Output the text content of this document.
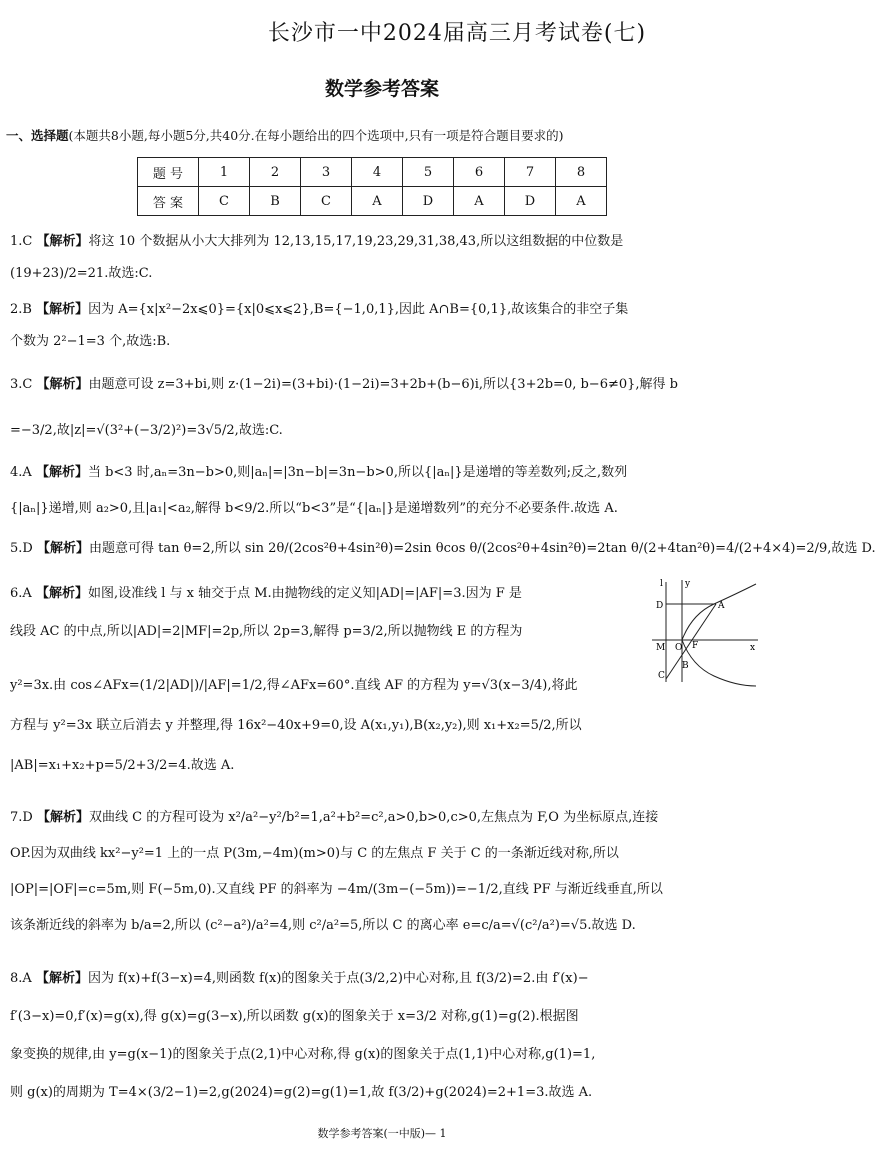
长沙市一中2024届高三月考试卷(七)
数学参考答案
一、选择题(本题共8小题,每小题5分,共40分.在每小题给出的四个选项中,只有一项是符合题目要求的)
题 号	1	2	3	4	5	6	7	8
答 案	C	B	C	A	D	A	D	A
1.C 【解析】将这 10 个数据从小大大排列为 12,13,15,17,19,23,29,31,38,43,所以这组数据的中位数是
(19+23)/2=21.故选:C.
2.B 【解析】因为 A={x|x²−2x⩽0}={x|0⩽x⩽2},B={−1,0,1},因此 A∩B={0,1},故该集合的非空子集
个数为 2²−1=3 个,故选:B.
3.C 【解析】由题意可设 z=3+bi,则 z·(1−2i)=(3+bi)·(1−2i)=3+2b+(b−6)i,所以{3+2b=0, b−6≠0},解得 b
=−3/2,故|z|=√(3²+(−3/2)²)=3√5/2,故选:C.
4.A 【解析】当 b<3 时,aₙ=3n−b>0,则|aₙ|=|3n−b|=3n−b>0,所以{|aₙ|}是递增的等差数列;反之,数列
{|aₙ|}递增,则 a₂>0,且|a₁|<a₂,解得 b<9/2.所以“b<3”是“{|aₙ|}是递增数列”的充分不必要条件.故选 A.
5.D 【解析】由题意可得 tan θ=2,所以 sin 2θ/(2cos²θ+4sin²θ)=2sin θcos θ/(2cos²θ+4sin²θ)=2tan θ/(2+4tan²θ)=4/(2+4×4)=2/9,故选 D.
6.A 【解析】如图,设准线 l 与 x 轴交于点 M.由抛物线的定义知|AD|=|AF|=3.因为 F 是
线段 AC 的中点,所以|AD|=2|MF|=2p,所以 2p=3,解得 p=3/2,所以抛物线 E 的方程为
y²=3x.由 cos∠AFx=(1/2|AD|)/|AF|=1/2,得∠AFx=60°.直线 AF 的方程为 y=√3(x−3/4),将此
方程与 y²=3x 联立后消去 y 并整理,得 16x²−40x+9=0,设 A(x₁,y₁),B(x₂,y₂),则 x₁+x₂=5/2,所以
|AB|=x₁+x₂+p=5/2+3/2=4.故选 A.
l y
D	A
M O F	x
C
B
7.D 【解析】双曲线 C 的方程可设为 x²/a²−y²/b²=1,a²+b²=c²,a>0,b>0,c>0,左焦点为 F,O 为坐标原点,连接
OP.因为双曲线 kx²−y²=1 上的一点 P(3m,−4m)(m>0)与 C 的左焦点 F 关于 C 的一条渐近线对称,所以
|OP|=|OF|=c=5m,则 F(−5m,0).又直线 PF 的斜率为 −4m/(3m−(−5m))=−1/2,直线 PF 与渐近线垂直,所以
该条渐近线的斜率为 b/a=2,所以 (c²−a²)/a²=4,则 c²/a²=5,所以 C 的离心率 e=c/a=√(c²/a²)=√5.故选 D.
8.A 【解析】因为 f(x)+f(3−x)=4,则函数 f(x)的图象关于点(3/2,2)中心对称,且 f(3/2)=2.由 f′(x)−
f′(3−x)=0,f′(x)=g(x),得 g(x)=g(3−x),所以函数 g(x)的图象关于 x=3/2 对称,g(1)=g(2).根据图
象变换的规律,由 y=g(x−1)的图象关于点(2,1)中心对称,得 g(x)的图象关于点(1,1)中心对称,g(1)=1,
则 g(x)的周期为 T=4×(3/2−1)=2,g(2024)=g(2)=g(1)=1,故 f(3/2)+g(2024)=2+1=3.故选 A.
数学参考答案(一中版)— 1
